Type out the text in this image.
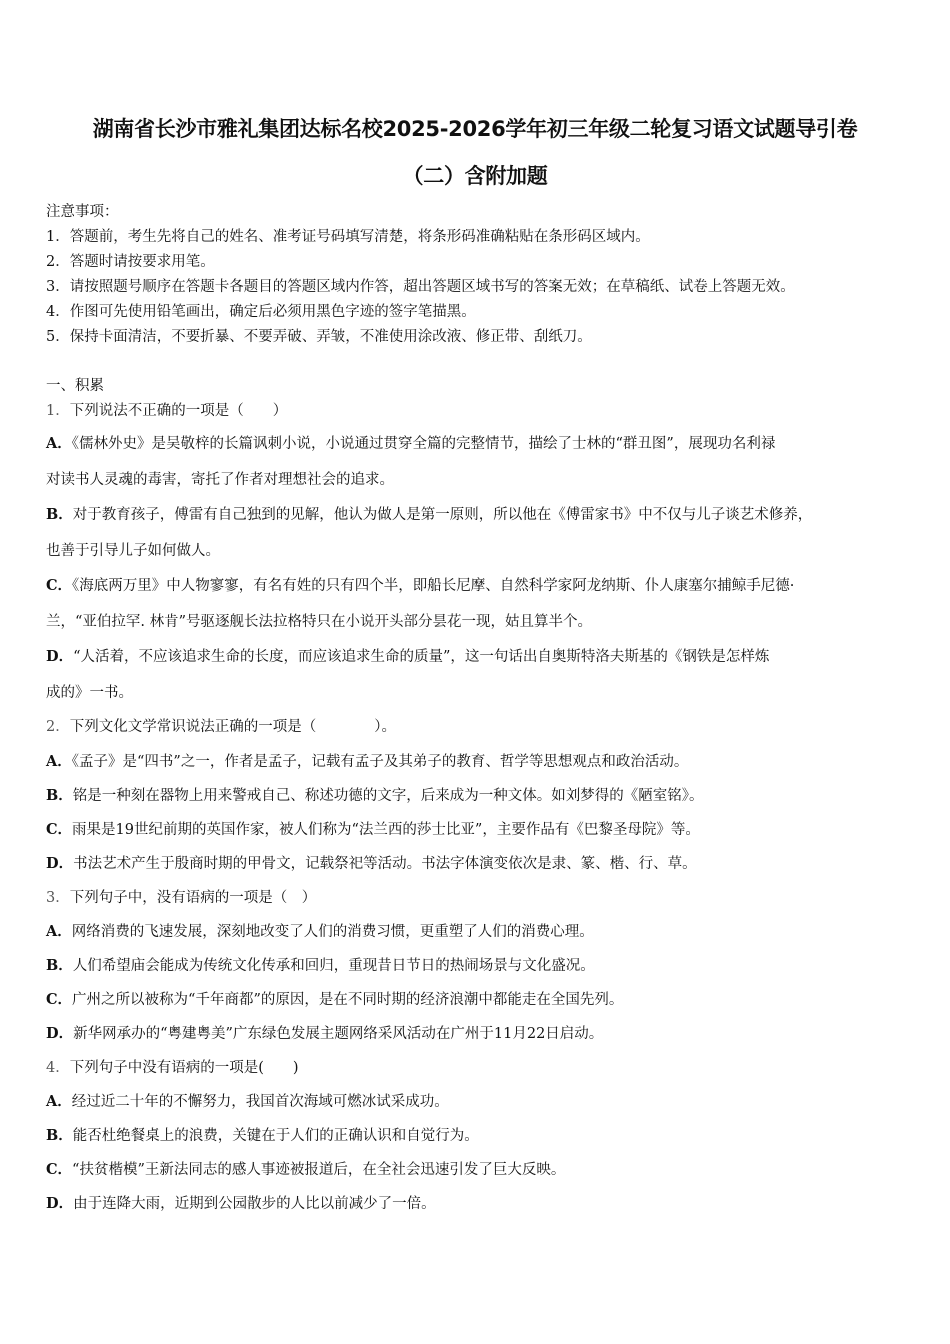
湖南省长沙市雅礼集团达标名校2025-2026学年初三年级二轮复习语文试题导引卷
（二）含附加题
注意事项：
1．答题前，考生先将自己的姓名、准考证号码填写清楚，将条形码准确粘贴在条形码区域内。
2．答题时请按要求用笔。
3．请按照题号顺序在答题卡各题目的答题区域内作答，超出答题区域书写的答案无效；在草稿纸、试卷上答题无效。
4．作图可先使用铅笔画出，确定后必须用黑色字迹的签字笔描黑。
5．保持卡面清洁，不要折暴、不要弄破、弄皱，不准使用涂改液、修正带、刮纸刀。
一、积累
1．下列说法不正确的一项是（　　）
A．《儒林外史》是吴敬梓的长篇讽刺小说，小说通过贯穿全篇的完整情节，描绘了士林的“群丑图”，展现功名利禄
对读书人灵魂的毒害，寄托了作者对理想社会的追求。
B．对于教育孩子，傅雷有自己独到的见解，他认为做人是第一原则，所以他在《傅雷家书》中不仅与儿子谈艺术修养，
也善于引导儿子如何做人。
C．《海底两万里》中人物寥寥，有名有姓的只有四个半，即船长尼摩、自然科学家阿龙纳斯、仆人康塞尔捕鲸手尼德·
兰，“亚伯拉罕. 林肯”号驱逐舰长法拉格特只在小说开头部分昙花一现，姑且算半个。
D．“人活着，不应该追求生命的长度，而应该追求生命的质量”，这一句话出自奥斯特洛夫斯基的《钢铁是怎样炼
成的》一书。
2．下列文化文学常识说法正确的一项是（　　　　）。
A．《孟子》是“四书”之一，作者是孟子，记载有孟子及其弟子的教育、哲学等思想观点和政治活动。
B．铭是一种刻在器物上用来警戒自己、称述功德的文字，后来成为一种文体。如刘梦得的《陋室铭》。
C．雨果是19世纪前期的英国作家，被人们称为“法兰西的莎士比亚”，主要作品有《巴黎圣母院》等。
D．书法艺术产生于殷商时期的甲骨文，记载祭祀等活动。书法字体演变依次是隶、篆、楷、行、草。
3．下列句子中，没有语病的一项是（　）
A．网络消费的飞速发展，深刻地改变了人们的消费习惯，更重塑了人们的消费心理。
B．人们希望庙会能成为传统文化传承和回归，重现昔日节日的热闹场景与文化盛况。
C．广州之所以被称为“千年商都”的原因，是在不同时期的经济浪潮中都能走在全国先列。
D．新华网承办的“粤建粤美”广东绿色发展主题网络采风活动在广州于11月22日启动。
4．下列句子中没有语病的一项是(　　)
A．经过近二十年的不懈努力，我国首次海域可燃冰试采成功。
B．能否杜绝餐桌上的浪费，关键在于人们的正确认识和自觉行为。
C．“扶贫楷模”王新法同志的感人事迹被报道后，在全社会迅速引发了巨大反映。
D．由于连降大雨，近期到公园散步的人比以前减少了一倍。
